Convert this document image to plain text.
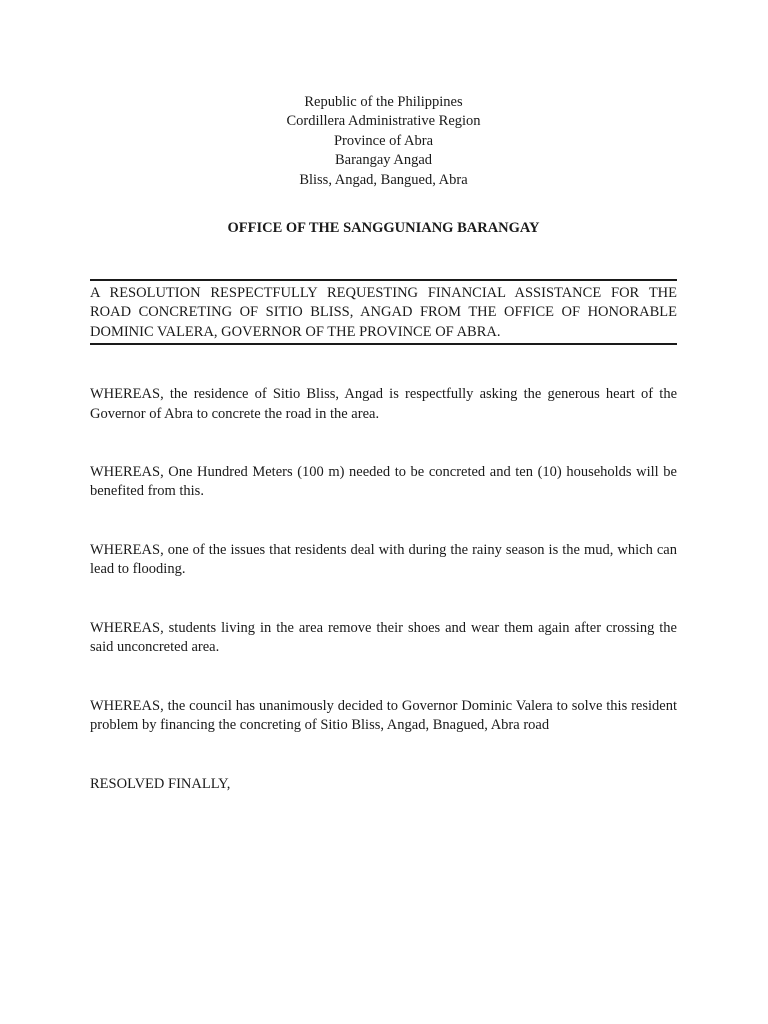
Republic of the Philippines
Cordillera Administrative Region
Province of Abra
Barangay Angad
Bliss, Angad, Bangued, Abra
OFFICE OF THE SANGGUNIANG BARANGAY
A RESOLUTION RESPECTFULLY REQUESTING FINANCIAL ASSISTANCE FOR THE ROAD CONCRETING OF SITIO BLISS, ANGAD FROM THE OFFICE OF HONORABLE DOMINIC VALERA, GOVERNOR OF THE PROVINCE OF ABRA.
WHEREAS, the residence of Sitio Bliss, Angad is respectfully asking the generous heart of the Governor of Abra to concrete the road in the area.
WHEREAS, One Hundred Meters (100 m) needed to be concreted and ten (10) households will be benefited from this.
WHEREAS, one of the issues that residents deal with during the rainy season is the mud, which can lead to flooding.
WHEREAS, students living in the area remove their shoes and wear them again after crossing the said unconcreted area.
WHEREAS, the council has unanimously decided to Governor Dominic Valera to solve this resident problem by financing the concreting of Sitio Bliss, Angad, Bnagued, Abra road
RESOLVED FINALLY,
